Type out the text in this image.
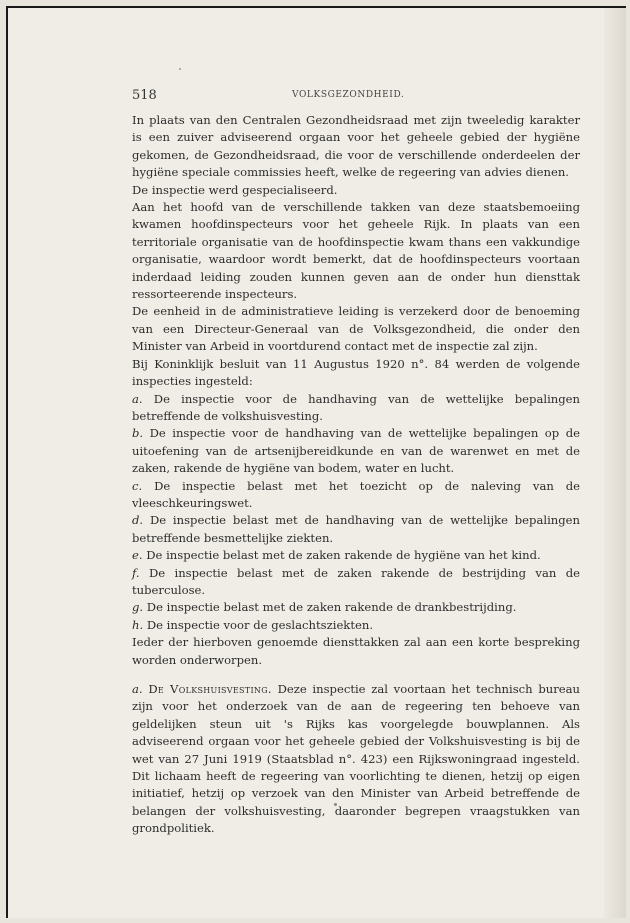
518	VOLKSGEZONDHEID.

In plaats van den Centralen Gezondheidsraad met zijn tweeledig karakter is een zuiver adviseerend orgaan voor het geheele gebied der hygiëne gekomen, de Gezondheidsraad, die voor de verschillende onderdeelen der hygiëne speciale commissies heeft, welke de regeering van advies dienen.

De inspectie werd gespecialiseerd.

Aan het hoofd van de verschillende takken van deze staatsbemoeiing kwamen hoofdinspecteurs voor het geheele Rijk. In plaats van een territoriale organisatie van de hoofdinspectie kwam thans een vakkundige organisatie, waardoor wordt bemerkt, dat de hoofdinspecteurs voortaan inderdaad leiding zouden kunnen geven aan de onder hun diensttak ressorteerende inspecteurs.

De eenheid in de administratieve leiding is verzekerd door de benoeming van een Directeur-Generaal van de Volksgezondheid, die onder den Minister van Arbeid in voortdurend contact met de inspectie zal zijn.

Bij Koninklijk besluit van 11 Augustus 1920 n°. 84 werden de volgende inspecties ingesteld:

a. De inspectie voor de handhaving van de wettelijke bepalingen betreffende de volkshuisvesting.

b. De inspectie voor de handhaving van de wettelijke bepalingen op de uitoefening van de artsenijbereidkunde en van de warenwet en met de zaken, rakende de hygiëne van bodem, water en lucht.

c. De inspectie belast met het toezicht op de naleving van de vleeschkeuringswet.

d. De inspectie belast met de handhaving van de wettelijke bepalingen betreffende besmettelijke ziekten.

e. De inspectie belast met de zaken rakende de hygiëne van het kind.

f. De inspectie belast met de zaken rakende de bestrijding van de tuberculose.

g. De inspectie belast met de zaken rakende de drankbestrijding.

h. De inspectie voor de geslachtsziekten.

Ieder der hierboven genoemde diensttakken zal aan een korte bespreking worden onderworpen.

a. De Volkshuisvesting. Deze inspectie zal voortaan het technisch bureau zijn voor het onderzoek van de aan de regeering ten behoeve van geldelijken steun uit 's Rijks kas voorgelegde bouwplannen. Als adviseerend orgaan voor het geheele gebied der Volkshuisvesting is bij de wet van 27 Juni 1919 (Staatsblad n°. 423) een Rijkswoningraad ingesteld. Dit lichaam heeft de regeering van voorlichting te dienen, hetzij op eigen initiatief, hetzij op verzoek van den Minister van Arbeid betreffende de belangen der volkshuisvesting, daaronder begrepen vraagstukken van grondpolitiek.
